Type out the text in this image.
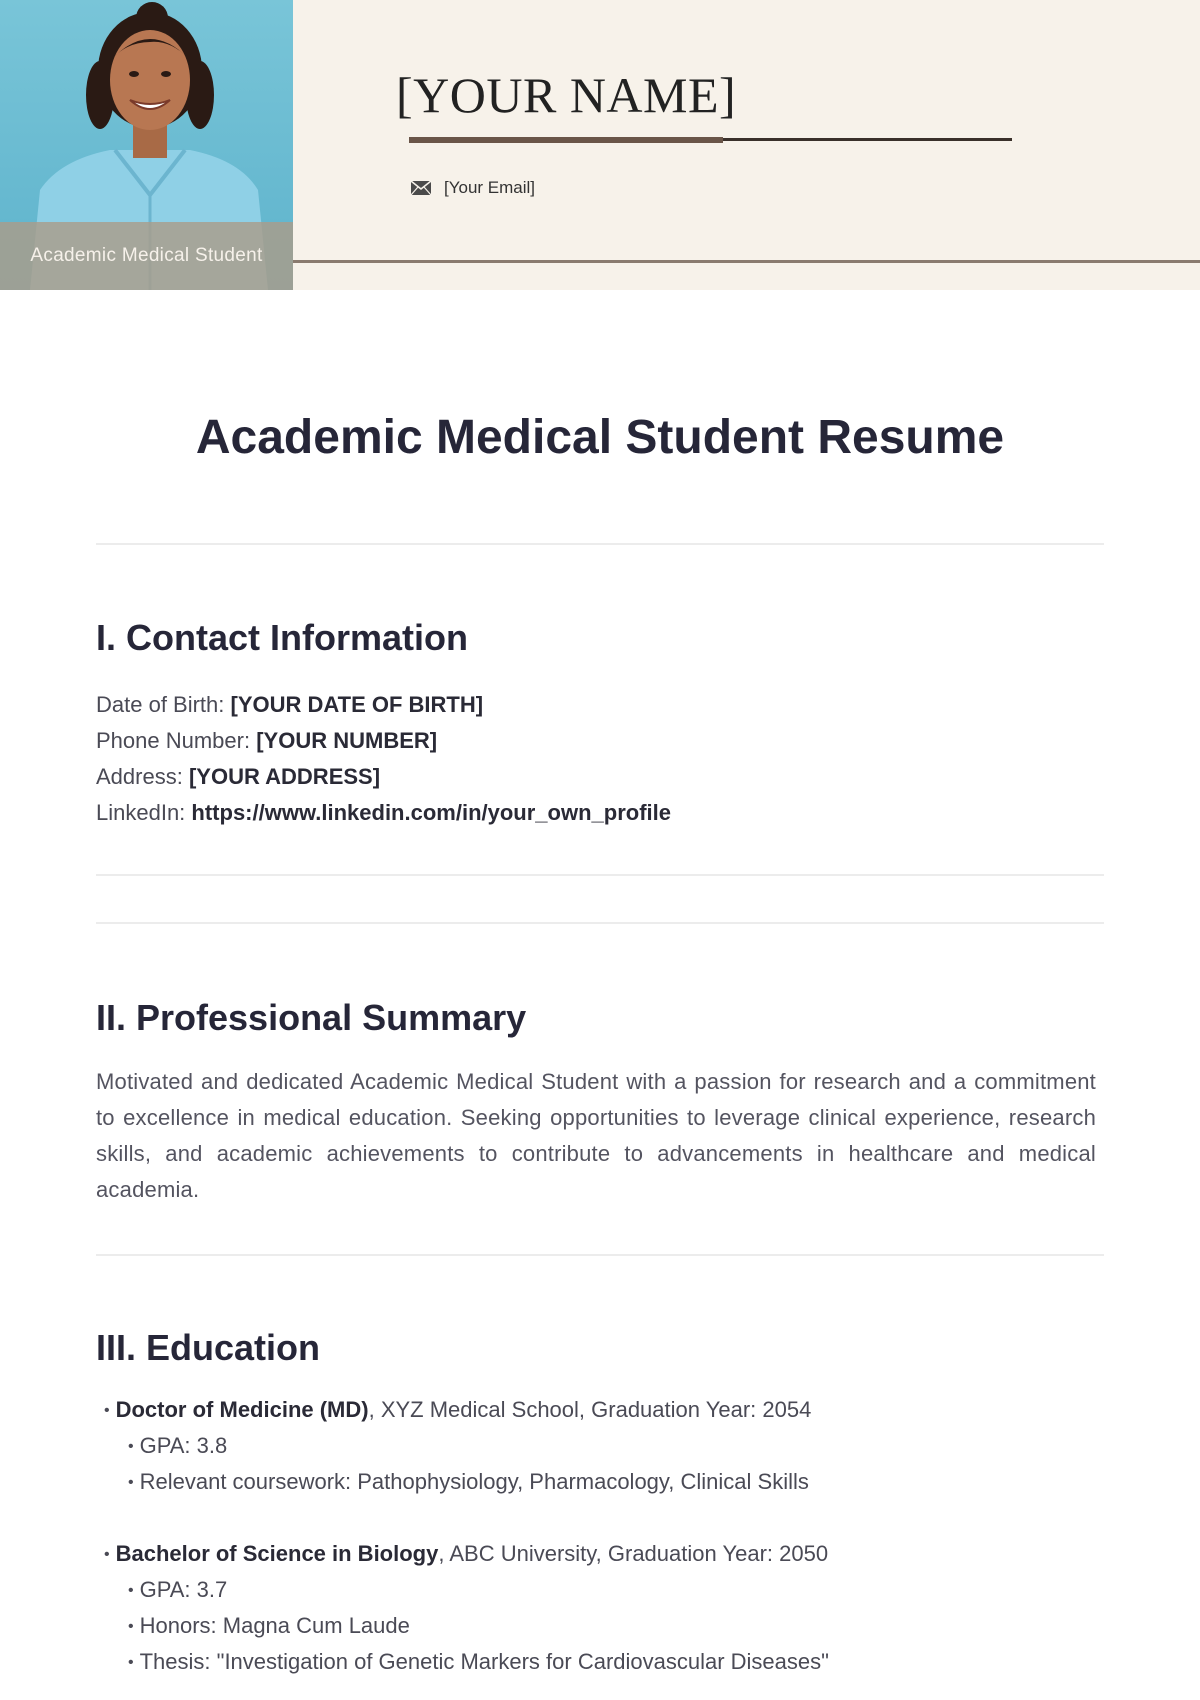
Academic Medical Student
[YOUR NAME]
[Your Email]
Academic Medical Student Resume
I. Contact Information
Date of Birth: [YOUR DATE OF BIRTH]
Phone Number: [YOUR NUMBER]
Address: [YOUR ADDRESS]
LinkedIn: https://www.linkedin.com/in/your_own_profile
II. Professional Summary
Motivated and dedicated Academic Medical Student with a passion for research and a commitment to excellence in medical education. Seeking opportunities to leverage clinical experience, research skills, and academic achievements to contribute to advancements in healthcare and medical academia.
III. Education
• Doctor of Medicine (MD), XYZ Medical School, Graduation Year: 2054
• GPA: 3.8
• Relevant coursework: Pathophysiology, Pharmacology, Clinical Skills
• Bachelor of Science in Biology, ABC University, Graduation Year: 2050
• GPA: 3.7
• Honors: Magna Cum Laude
• Thesis: "Investigation of Genetic Markers for Cardiovascular Diseases"
